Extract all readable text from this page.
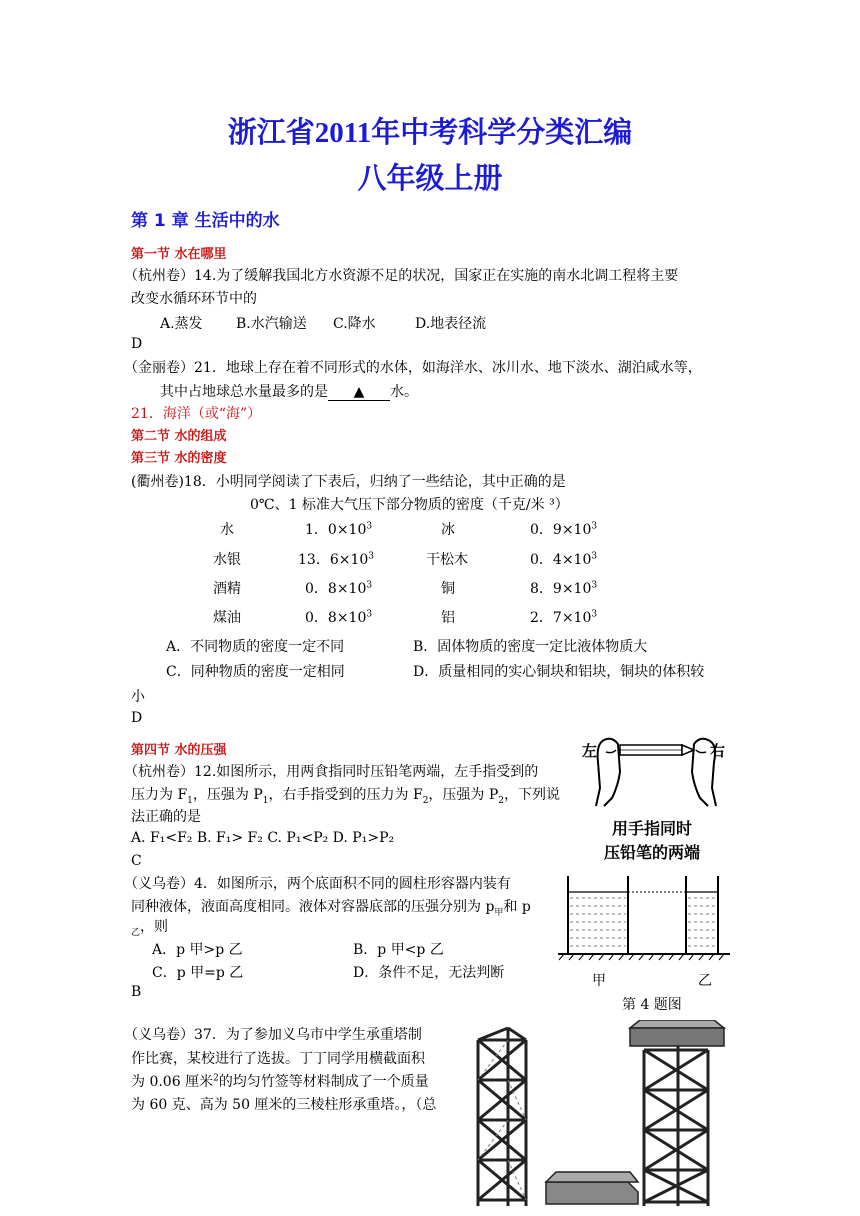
浙江省2011年中考科学分类汇编
八年级上册
第 1 章 生活中的水
第一节 水在哪里
（杭州卷）14.为了缓解我国北方水资源不足的状况，国家正在实施的南水北调工程将主要
改变水循环环节中的
A.蒸发 B.水汽输送 C.降水	D.地表径流
D
（金丽卷）21．地球上存在着不同形式的水体，如海洋水、冰川水、地下淡水、湖泊咸水等，
其中占地球总水量最多的是 ▲ 水。
21．海洋（或“海”）
第二节 水的组成
第三节 水的密度
(衢州卷)18．小明同学阅读了下表后，归纳了一些结论，其中正确的是
0℃、1 标准大气压下部分物质的密度（千克/米 ³）
水	1．$0\times 10^3$	冰	0．$9\times 10^3$
水银	13．$6\times 10^3$	干松木	0．$4\times 10^3$
酒精	0．$8\times 10^3$	铜	8．$9\times 10^3$
煤油	0．$8\times 10^3$	铝	2．$7\times 10^3$
A．不同物质的密度一定不同	B．固体物质的密度一定比液体物质大
C．同种物质的密度一定相同	D．质量相同的实心铜块和铝块，铜块的体积较
小
D
第四节 水的压强
（杭州卷）12.如图所示，用两食指同时压铅笔两端，左手指受到的
压力为 $F_1$，压强为 $P_1$，右手指受到的压力为 $F_2$，压强为 $P_2$，下列说
法正确的是
A. F₁<F₂ B. F₁> F₂ C. P₁<P₂ D. P₁>P₂
C
左	右
用手指同时
压铅笔的两端
（义乌卷）4．如图所示，两个底面积不同的圆柱形容器内装有
同种液体，液面高度相同。液体对容器底部的压强分别为 $p_甲$和 p
$_乙$，则
A．p 甲>p 乙	B．p 甲<p 乙
C．p 甲=p 乙	D．条件不足，无法判断
B
甲	乙
第 4 题图
（义乌卷）37．为了参加义乌市中学生承重塔制
作比赛，某校进行了选拔。丁丁同学用横截面积
为 0.06 厘米$^2$的均匀竹签等材料制成了一个质量
为 60 克、高为 50 厘米的三棱柱形承重塔。，（总
